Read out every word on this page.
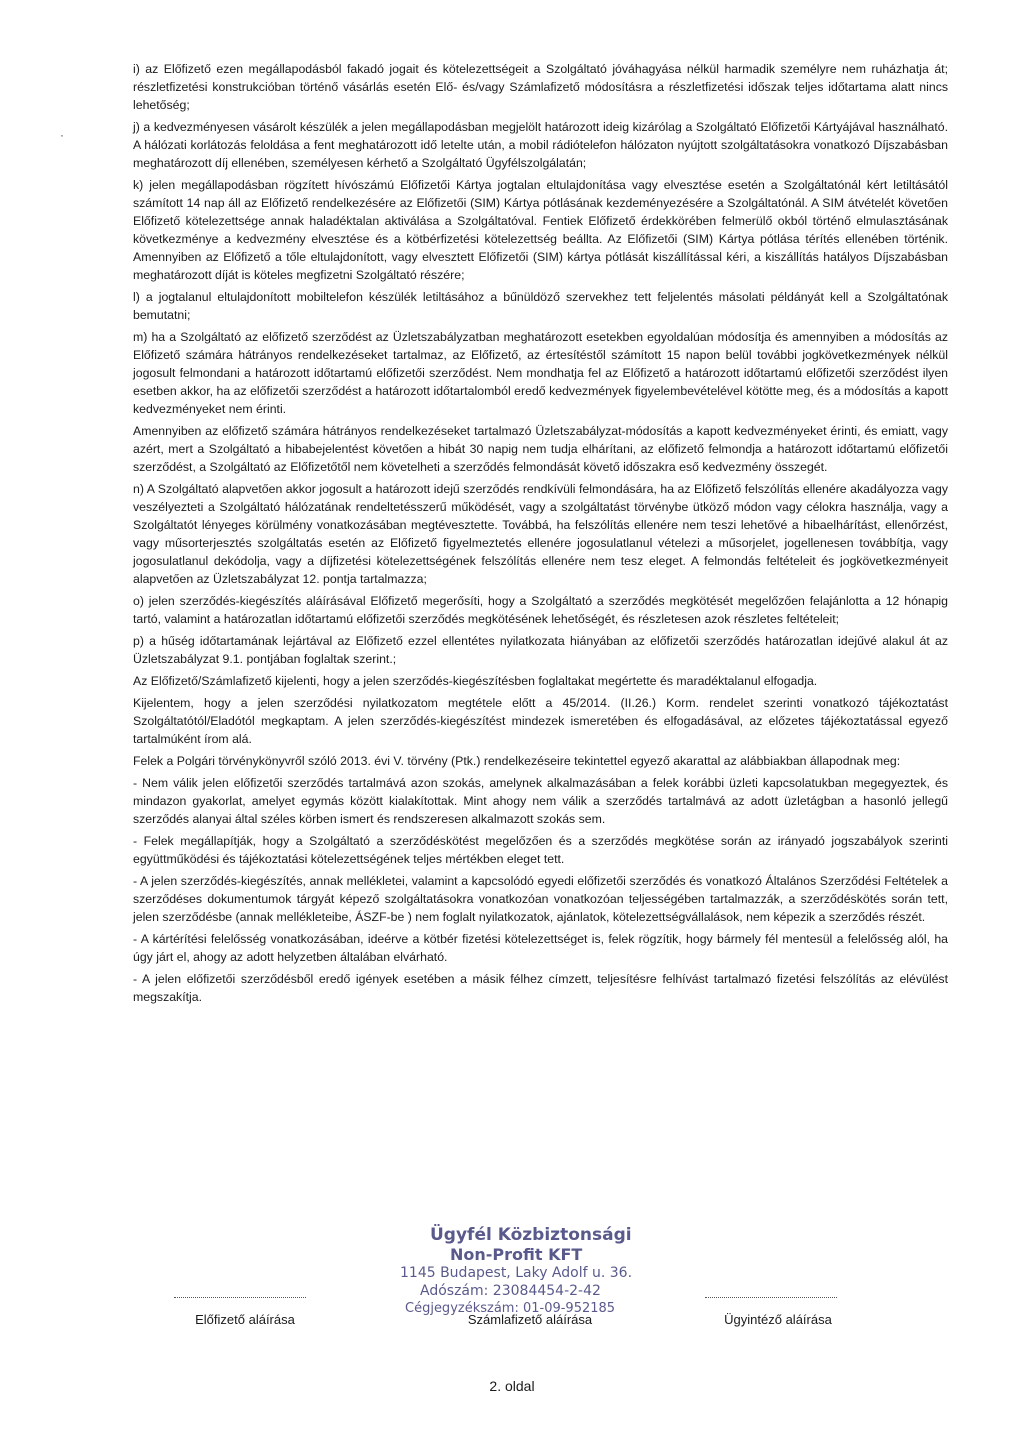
·

i) az Előfizető ezen megállapodásból fakadó jogait és kötelezettségeit a Szolgáltató jóváhagyása nélkül harmadik személyre nem ruházhatja át; részletfizetési konstrukcióban történő vásárlás esetén Elő- és/vagy Számlafizető módosításra a részletfizetési időszak teljes időtartama alatt nincs lehetőség;

j) a kedvezményesen vásárolt készülék a jelen megállapodásban megjelölt határozott ideig kizárólag a Szolgáltató Előfizetői Kártyájával használható. A hálózati korlátozás feloldása a fent meghatározott idő letelte után, a mobil rádiótelefon hálózaton nyújtott szolgáltatásokra vonatkozó Díjszabásban meghatározott díj ellenében, személyesen kérhető a Szolgáltató Ügyfélszolgálatán;

k) jelen megállapodásban rögzített hívószámú Előfizetői Kártya jogtalan eltulajdonítása vagy elvesztése esetén a Szolgáltatónál kért letiltásától számított 14 nap áll az Előfizető rendelkezésére az Előfizetői (SIM) Kártya pótlásának kezdeményezésére a Szolgáltatónál. A SIM átvételét követően Előfizető kötelezettsége annak haladéktalan aktiválása a Szolgáltatóval. Fentiek Előfizető érdekkörében felmerülő okból történő elmulasztásának következménye a kedvezmény elvesztése és a kötbérfizetési kötelezettség beállta. Az Előfizetői (SIM) Kártya pótlása térítés ellenében történik. Amennyiben az Előfizető a tőle eltulajdonított, vagy elvesztett Előfizetői (SIM) kártya pótlását kiszállítással kéri, a kiszállítás hatályos Díjszabásban meghatározott díját is köteles megfizetni Szolgáltató részére;

l) a jogtalanul eltulajdonított mobiltelefon készülék letiltásához a bűnüldöző szervekhez tett feljelentés másolati példányát kell a Szolgáltatónak bemutatni;

m) ha a Szolgáltató az előfizető szerződést az Üzletszabályzatban meghatározott esetekben egyoldalúan módosítja és amennyiben a módosítás az Előfizető számára hátrányos rendelkezéseket tartalmaz, az Előfizető, az értesítéstől számított 15 napon belül további jogkövetkezmények nélkül jogosult felmondani a határozott időtartamú előfizetői szerződést. Nem mondhatja fel az Előfizető a határozott időtartamú előfizetői szerződést ilyen esetben akkor, ha az előfizetői szerződést a határozott időtartalomból eredő kedvezmények figyelembevételével kötötte meg, és a módosítás a kapott kedvezményeket nem érinti.

Amennyiben az előfizető számára hátrányos rendelkezéseket tartalmazó Üzletszabályzat-módosítás a kapott kedvezményeket érinti, és emiatt, vagy azért, mert a Szolgáltató a hibabejelentést követően a hibát 30 napig nem tudja elhárítani, az előfizető felmondja a határozott időtartamú előfizetői szerződést, a Szolgáltató az Előfizetőtől nem követelheti a szerződés felmondását követő időszakra eső kedvezmény összegét.

n) A Szolgáltató alapvetően akkor jogosult a határozott idejű szerződés rendkívüli felmondására, ha az Előfizető felszólítás ellenére akadályozza vagy veszélyezteti a Szolgáltató hálózatának rendeltetésszerű működését, vagy a szolgáltatást törvénybe ütköző módon vagy célokra használja, vagy a Szolgáltatót lényeges körülmény vonatkozásában megtévesztette. Továbbá, ha felszólítás ellenére nem teszi lehetővé a hibaelhárítást, ellenőrzést, vagy műsorterjesztés szolgáltatás esetén az Előfizető figyelmeztetés ellenére jogosulatlanul vételezi a műsorjelet, jogellenesen továbbítja, vagy jogosulatlanul dekódolja, vagy a díjfizetési kötelezettségének felszólítás ellenére nem tesz eleget. A felmondás feltételeit és jogkövetkezményeit alapvetően az Üzletszabályzat 12. pontja tartalmazza;

o) jelen szerződés-kiegészítés aláírásával Előfizető megerősíti, hogy a Szolgáltató a szerződés megkötését megelőzően felajánlotta a 12 hónapig tartó, valamint a határozatlan időtartamú előfizetői szerződés megkötésének lehetőségét, és részletesen azok részletes feltételeit;

p) a hűség időtartamának lejártával az Előfizető ezzel ellentétes nyilatkozata hiányában az előfizetői szerződés határozatlan idejűvé alakul át az Üzletszabályzat 9.1. pontjában foglaltak szerint.;

Az Előfizető/Számlafizető kijelenti, hogy a jelen szerződés-kiegészítésben foglaltakat megértette és maradéktalanul elfogadja.

Kijelentem, hogy a jelen szerződési nyilatkozatom megtétele előtt a 45/2014. (II.26.) Korm. rendelet szerinti vonatkozó tájékoztatást Szolgáltatótól/Eladótól megkaptam. A jelen szerződés-kiegészítést mindezek ismeretében és elfogadásával, az előzetes tájékoztatással egyező tartalmúként írom alá.

Felek a Polgári törvénykönyvről szóló 2013. évi V. törvény (Ptk.) rendelkezéseire tekintettel egyező akarattal az alábbiakban állapodnak meg:

- Nem válik jelen előfizetői szerződés tartalmává azon szokás, amelynek alkalmazásában a felek korábbi üzleti kapcsolatukban megegyeztek, és mindazon gyakorlat, amelyet egymás között kialakítottak. Mint ahogy nem válik a szerződés tartalmává az adott üzletágban a hasonló jellegű szerződés alanyai által széles körben ismert és rendszeresen alkalmazott szokás sem.

- Felek megállapítják, hogy a Szolgáltató a szerződéskötést megelőzően és a szerződés megkötése során az irányadó jogszabályok szerinti együttműködési és tájékoztatási kötelezettségének teljes mértékben eleget tett.

- A jelen szerződés-kiegészítés, annak mellékletei, valamint a kapcsolódó egyedi előfizetői szerződés és vonatkozó Általános Szerződési Feltételek a szerződéses dokumentumok tárgyát képező szolgáltatásokra vonatkozóan vonatkozóan teljességében tartalmazzák, a szerződéskötés során tett, jelen szerződésbe (annak mellékleteibe, ÁSZF-be ) nem foglalt nyilatkozatok, ajánlatok, kötelezettségvállalások, nem képezik a szerződés részét.

- A kártérítési felelősség vonatkozásában, ideérve a kötbér fizetési kötelezettséget is, felek rögzítik, hogy bármely fél mentesül a felelősség alól, ha úgy járt el, ahogy az adott helyzetben általában elvárható.

- A jelen előfizetői szerződésből eredő igények esetében a másik félhez címzett, teljesítésre felhívást tartalmazó fizetési felszólítás az elévülést megszakítja.

Ügyfél Közbiztonsági
Non-Profit KFT
1145 Budapest, Laky Adolf u. 36.
Adószám: 23084454-2-42
Cégjegyzékszám: 01-09-952185
Előfizető aláírása	Számlafizető aláírása	Ügyintéző aláírása
2. oldal
